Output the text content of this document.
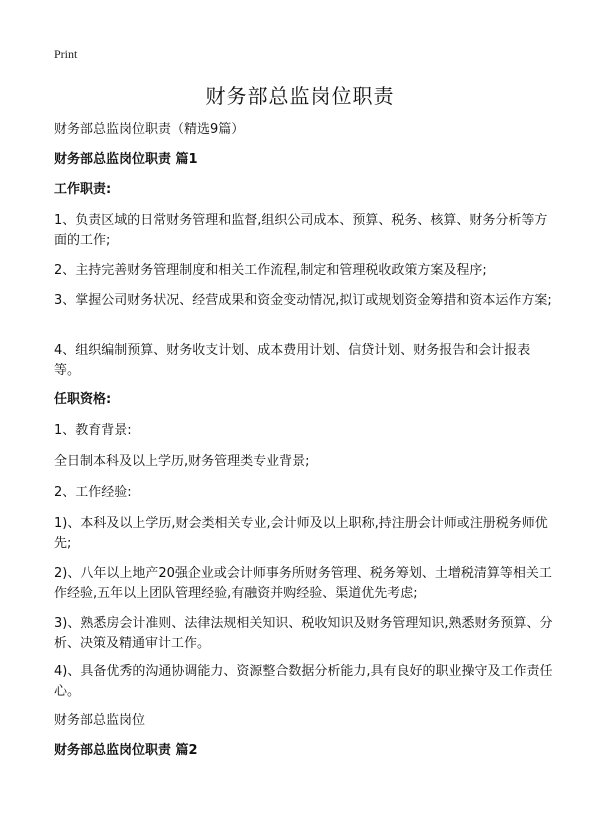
Print
财务部总监岗位职责
财务部总监岗位职责（精选9篇）
财务部总监岗位职责 篇1
工作职责:
1、负责区域的日常财务管理和监督,组织公司成本、预算、税务、核算、财务分析等方面的工作;
2、主持完善财务管理制度和相关工作流程,制定和管理税收政策方案及程序;
3、掌握公司财务状况、经营成果和资金变动情况,拟订或规划资金筹措和资本运作方案;
4、组织编制预算、财务收支计划、成本费用计划、信贷计划、财务报告和会计报表等。
任职资格:
1、教育背景:
全日制本科及以上学历,财务管理类专业背景;
2、工作经验:
1)、本科及以上学历,财会类相关专业,会计师及以上职称,持注册会计师或注册税务师优先;
2)、八年以上地产20强企业或会计师事务所财务管理、税务筹划、土增税清算等相关工作经验,五年以上团队管理经验,有融资并购经验、渠道优先考虑;
3)、熟悉房会计准则、法律法规相关知识、税收知识及财务管理知识,熟悉财务预算、分析、决策及精通审计工作。
4)、具备优秀的沟通协调能力、资源整合数据分析能力,具有良好的职业操守及工作责任心。
财务部总监岗位
财务部总监岗位职责 篇2
